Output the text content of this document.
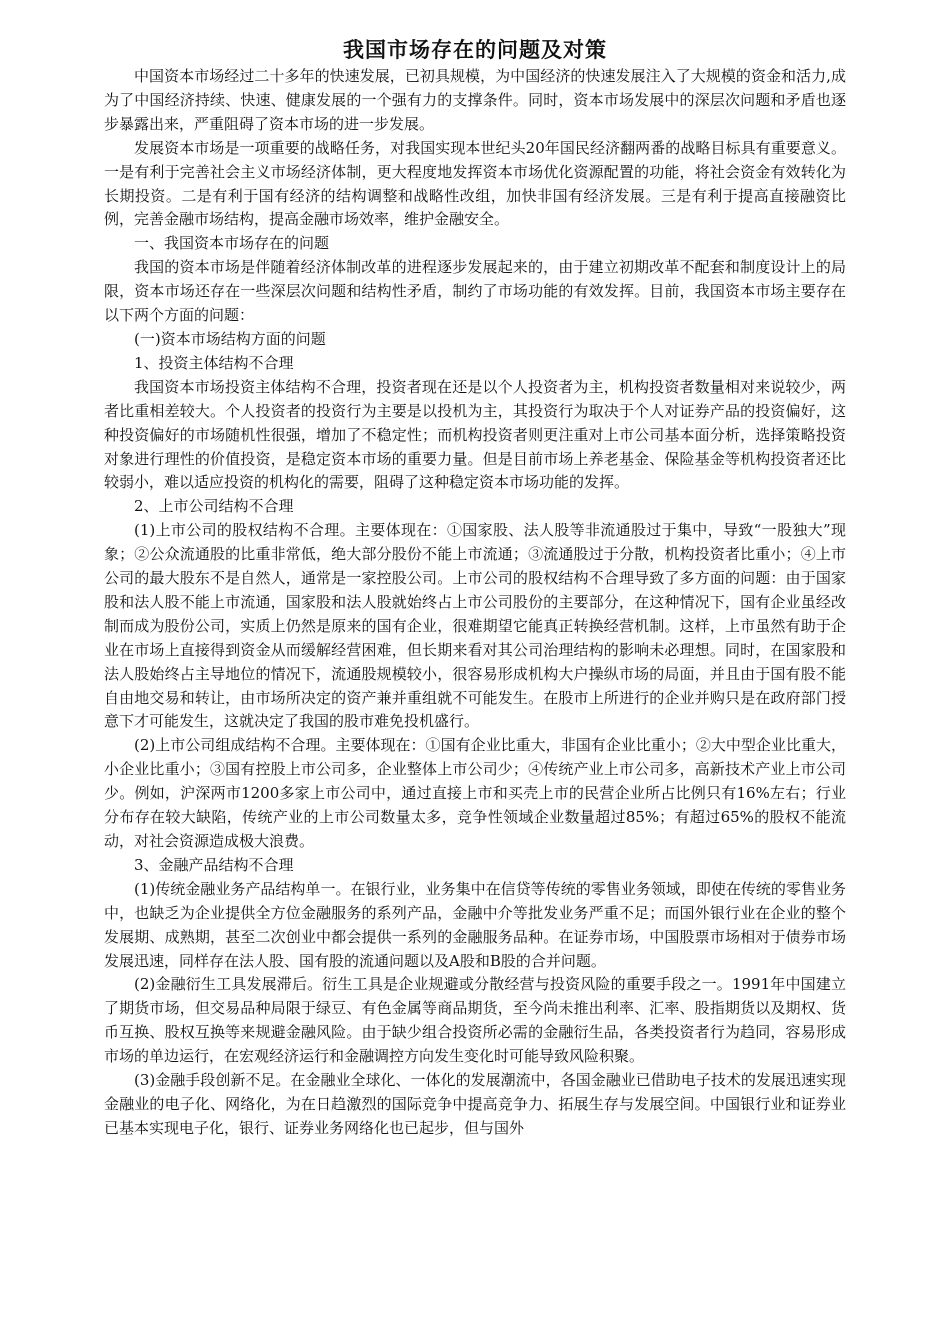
我国市场存在的问题及对策

中国资本市场经过二十多年的快速发展，已初具规模，为中国经济的快速发展注入了大规模的资金和活力,成为了中国经济持续、快速、健康发展的一个强有力的支撑条件。同时，资本市场发展中的深层次问题和矛盾也逐步暴露出来，严重阻碍了资本市场的进一步发展。

发展资本市场是一项重要的战略任务，对我国实现本世纪头20年国民经济翻两番的战略目标具有重要意义。一是有利于完善社会主义市场经济体制，更大程度地发挥资本市场优化资源配置的功能，将社会资金有效转化为长期投资。二是有利于国有经济的结构调整和战略性改组，加快非国有经济发展。三是有利于提高直接融资比例，完善金融市场结构，提高金融市场效率，维护金融安全。

一、我国资本市场存在的问题

我国的资本市场是伴随着经济体制改革的进程逐步发展起来的，由于建立初期改革不配套和制度设计上的局限，资本市场还存在一些深层次问题和结构性矛盾，制约了市场功能的有效发挥。目前，我国资本市场主要存在以下两个方面的问题：

(一)资本市场结构方面的问题

1、投资主体结构不合理

我国资本市场投资主体结构不合理，投资者现在还是以个人投资者为主，机构投资者数量相对来说较少，两者比重相差较大。个人投资者的投资行为主要是以投机为主，其投资行为取决于个人对证券产品的投资偏好，这种投资偏好的市场随机性很强，增加了不稳定性；而机构投资者则更注重对上市公司基本面分析，选择策略投资对象进行理性的价值投资，是稳定资本市场的重要力量。但是目前市场上养老基金、保险基金等机构投资者还比较弱小，难以适应投资的机构化的需要，阻碍了这种稳定资本市场功能的发挥。

2、上市公司结构不合理

(1)上市公司的股权结构不合理。主要体现在：①国家股、法人股等非流通股过于集中，导致“一股独大”现象；②公众流通股的比重非常低，绝大部分股份不能上市流通；③流通股过于分散，机构投资者比重小；④上市公司的最大股东不是自然人，通常是一家控股公司。上市公司的股权结构不合理导致了多方面的问题：由于国家股和法人股不能上市流通，国家股和法人股就始终占上市公司股份的主要部分，在这种情况下，国有企业虽经改制而成为股份公司，实质上仍然是原来的国有企业，很难期望它能真正转换经营机制。这样，上市虽然有助于企业在市场上直接得到资金从而缓解经营困难，但长期来看对其公司治理结构的影响未必理想。同时，在国家股和法人股始终占主导地位的情况下，流通股规模较小，很容易形成机构大户操纵市场的局面，并且由于国有股不能自由地交易和转让，由市场所决定的资产兼并重组就不可能发生。在股市上所进行的企业并购只是在政府部门授意下才可能发生，这就决定了我国的股市难免投机盛行。

(2)上市公司组成结构不合理。主要体现在：①国有企业比重大，非国有企业比重小；②大中型企业比重大，小企业比重小；③国有控股上市公司多，企业整体上市公司少；④传统产业上市公司多，高新技术产业上市公司少。例如，沪深两市1200多家上市公司中，通过直接上市和买壳上市的民营企业所占比例只有16%左右；行业分布存在较大缺陷，传统产业的上市公司数量太多，竞争性领域企业数量超过85%；有超过65%的股权不能流动，对社会资源造成极大浪费。

3、金融产品结构不合理

(1)传统金融业务产品结构单一。在银行业，业务集中在信贷等传统的零售业务领域，即使在传统的零售业务中，也缺乏为企业提供全方位金融服务的系列产品，金融中介等批发业务严重不足；而国外银行业在企业的整个发展期、成熟期，甚至二次创业中都会提供一系列的金融服务品种。在证券市场，中国股票市场相对于债券市场发展迅速，同样存在法人股、国有股的流通问题以及A股和B股的合并问题。

(2)金融衍生工具发展滞后。衍生工具是企业规避或分散经营与投资风险的重要手段之一。1991年中国建立了期货市场，但交易品种局限于绿豆、有色金属等商品期货，至今尚未推出利率、汇率、股指期货以及期权、货币互换、股权互换等来规避金融风险。由于缺少组合投资所必需的金融衍生品，各类投资者行为趋同，容易形成市场的单边运行，在宏观经济运行和金融调控方向发生变化时可能导致风险积聚。

(3)金融手段创新不足。在金融业全球化、一体化的发展潮流中，各国金融业已借助电子技术的发展迅速实现金融业的电子化、网络化，为在日趋激烈的国际竞争中提高竞争力、拓展生存与发展空间。中国银行业和证券业已基本实现电子化，银行、证券业务网络化也已起步，但与国外
